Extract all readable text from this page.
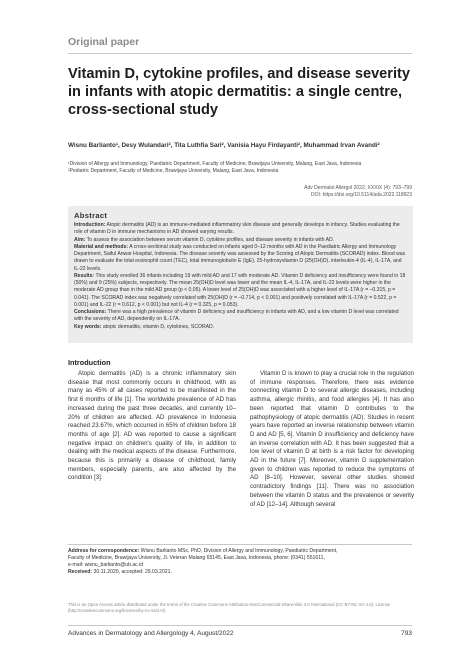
Original paper
Vitamin D, cytokine profiles, and disease severity in infants with atopic dermatitis: a single centre, cross-sectional study
Wisnu Barlianto¹, Desy Wulandari², Tita Luthfia Sari², Vanisia Hayu Firdayanti², Muhammad Irvan Avandi²
¹Division of Allergy and Immunology, Paediatric Department, Faculty of Medicine, Brawijaya University, Malang, East Java, Indonesia
²Pediatric Department, Faculty of Medicine, Brawijaya University, Malang, East Java, Indonesia
Adv Dermatol Allergol 2022; XXXIX (4): 793–799
DOI: https://doi.org/10.5114/ada.2022.118923
Abstract
Introduction: Atopic dermatitis (AD) is an immune-mediated inflammatory skin disease and generally develops in infancy. Studies evaluating the role of vitamin D in immune mechanisms in AD showed varying results.
Aim: To assess the association between serum vitamin D, cytokine profiles, and disease severity in infants with AD.
Material and methods: A cross-sectional study was conducted on infants aged 0–12 months with AD in the Paediatric Allergy and Immunology Department, Saiful Anwar Hospital, Indonesia. The disease severity was assessed by the Scoring of Atopic Dermatitis (SCORAD) index. Blood was drawn to evaluate the total eosinophil count (TEC), total immunoglobulin E (IgE), 25-hydroxyvitamin D (25(OH)D), interleukin-4 (IL-4), IL-17A, and IL-22 levels.
Results: This study enrolled 36 infants including 19 with mild AD and 17 with moderate AD. Vitamin D deficiency and insufficiency were found in 18 (50%) and 9 (25%) subjects, respectively. The mean 25(OH)D level was lower and the mean IL-4, IL-17A, and IL-22 levels were higher in the moderate AD group than in the mild AD group (p < 0.05). A lower level of 25(OH)D was associated with a higher level of IL-17A (r = –0.315, p = 0.041). The SCORAD index was negatively correlated with 25(OH)D (r = –0.714, p < 0.001) and positively correlated with IL-17A (r = 0.522, p = 0.001) and IL-22 (r = 0.612, p < 0.001) but not IL-4 (r = 0.325, p = 0.053).
Conclusions: There was a high prevalence of vitamin D deficiency and insufficiency in infants with AD, and a low vitamin D level was correlated with the severity of AD, dependently on IL-17A.
Key words: atopic dermatitis, vitamin D, cytokines, SCORAD.
Introduction

Atopic dermatitis (AD) is a chronic inflammatory skin disease that most commonly occurs in childhood, with as many as 45% of all cases reported to be manifested in the first 6 months of life [1]. The worldwide prevalence of AD has increased during the past three decades, and currently 10–20% of children are affected. AD prevalence in Indonesia reached 23.67%, which occurred in 65% of children before 18 months of age [2]. AD was reported to cause a significant negative impact on children's quality of life, in addition to dealing with the medical aspects of the disease. Furthermore, because this is primarily a disease of childhood, family members, especially parents, are also affected by the condition [3].

Vitamin D is known to play a crucial role in the regulation of immune responses. Therefore, there was evidence connecting vitamin D to several allergic diseases, including asthma, allergic rhinitis, and food allergies [4]. It has also been reported that vitamin D contributes to the pathophysiology of atopic dermatitis (AD). Studies in recent years have reported an inverse relationship between vitamin D and AD [5, 6]. Vitamin D insufficiency and deficiency have an inverse correlation with AD. It has been suggested that a low level of vitamin D at birth is a risk factor for developing AD in the future [7]. Moreover, vitamin D supplementation given to children was reported to reduce the symptoms of AD [8–10]. However, several other studies showed contradictory findings [11]. There was no association between the vitamin D status and the prevalence or severity of AD [12–14]. Although several

Address for correspondence: Wisnu Barlianto MSc, PhD, Division of Allergy and Immunology, Paediatric Department,
Faculty of Medicine, Brawijaya University, Jl. Veteran Malang 65145, East Java, Indonesia, phone: (0341) 551611,
e-mail: wisnu_barlianto@ub.ac.id
Received: 30.11.2020, accepted: 29.03.2021.
This is an Open Access article distributed under the terms of the Creative Commons Attribution-NonCommercial-ShareAlike 4.0 International (CC BY-NC-SA 4.0). License (http://creativecommons.org/licenses/by-nc-sa/4.0/)
Advances in Dermatology and Allergology 4, August/2022	793
